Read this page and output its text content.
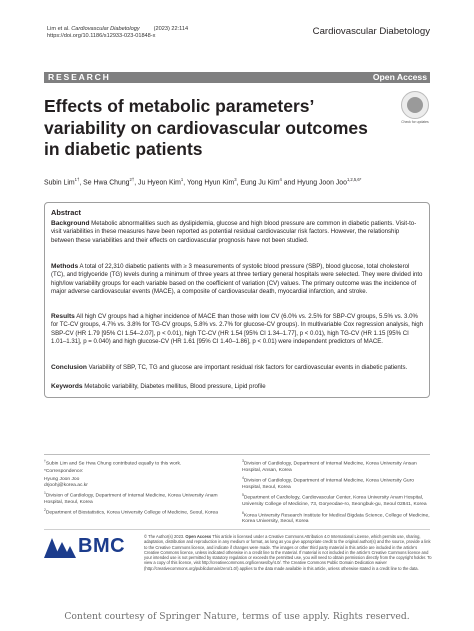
Lim et al. Cardiovascular Diabetology	(2023) 22:114
https://doi.org/10.1186/s12933-023-01848-x	Cardiovascular Diabetology
RESEARCH	Open Access
Effects of metabolic parameters’ variability on cardiovascular outcomes in diabetic patients
Check for updates
Subin Lim$^{1\dagger}$, Se Hwa Chung$^{2\dagger}$, Ju Hyeon Kim$^1$, Yong Hyun Kim$^3$, Eung Ju Kim$^4$ and Hyung Joon Joo$^{1,2,5,6*}$
Abstract

Background Metabolic abnormalities such as dyslipidemia, glucose and high blood pressure are common in diabetic patients. Visit-to-visit variabilities in these measures have been reported as potential residual cardiovascular risk factors. However, the relationship between these variabilities and their effects on cardiovascular prognosis have not been studied.

Methods A total of 22,310 diabetic patients with ≥ 3 measurements of systolic blood pressure (SBP), blood glucose, total cholesterol (TC), and triglyceride (TG) levels during a minimum of three years at three tertiary general hospitals were selected. They were divided into high/low variability groups for each variable based on the coefficient of variation (CV) values. The primary outcome was the incidence of major adverse cardiovascular events (MACE), a composite of cardiovascular death, myocardial infarction, and stroke.

Results All high CV groups had a higher incidence of MACE than those with low CV (6.0% vs. 2.5% for SBP-CV groups, 5.5% vs. 3.0% for TC-CV groups, 4.7% vs. 3.8% for TG-CV groups, 5.8% vs. 2.7% for glucose-CV groups). In multivariable Cox regression analysis, high SBP-CV (HR 1.79 [95% CI 1.54–2.07], p < 0.01), high TC-CV (HR 1.54 [95% CI 1.34–1.77], p < 0.01), high TG-CV (HR 1.15 [95% CI 1.01–1.31], p = 0.040) and high glucose-CV (HR 1.61 [95% CI 1.40–1.86], p < 0.01) were independent predictors of MACE.

Conclusion Variability of SBP, TC, TG and glucose are important residual risk factors for cardiovascular events in diabetic patients.

Keywords Metabolic variability, Diabetes mellitus, Blood pressure, Lipid profile

†Subin Lim and Se Hwa Chung contributed equally to this work.

*Correspondence:

Hyung Joon Joo

drjoohj@korea.ac.kr

$^1$Division of Cardiology, Department of Internal Medicine, Korea University Anam Hospital, Seoul, Korea

$^2$Department of Biostatistics, Korea University College of Medicine, Seoul, Korea

$^3$Division of Cardiology, Department of Internal Medicine, Korea University Ansan Hospital, Ansan, Korea

$^4$Division of Cardiology, Department of Internal Medicine, Korea University Guro Hospital, Seoul, Korea

$^5$Department of Cardiology, Cardiovascular Center, Korea University Anam Hospital, University College of Medicine, 73, Goryeodae-ro, Seongbuk-gu, Seoul 02841, Korea

$^6$Korea University Research Institute for Medical Bigdata Science, College of Medicine, Korea University, Seoul, Korea

BMC	© The Author(s) 2023. Open Access This article is licensed under a Creative Commons Attribution 4.0 International License, which permits use, sharing, adaptation, distribution and reproduction in any medium or format, as long as you give appropriate credit to the original author(s) and the source, provide a link to the Creative Commons licence, and indicate if changes were made. The images or other third party material in this article are included in the article’s Creative Commons licence, unless indicated otherwise in a credit line to the material. If material is not included in the article’s Creative Commons licence and your intended use is not permitted by statutory regulation or exceeds the permitted use, you will need to obtain permission directly from the copyright holder. To view a copy of this licence, visit http://creativecommons.org/licenses/by/4.0/. The Creative Commons Public Domain Dedication waiver (http://creativecommons.org/publicdomain/zero/1.0/) applies to the data made available in this article, unless otherwise stated in a credit line to the data.

Content courtesy of Springer Nature, terms of use apply. Rights reserved.
